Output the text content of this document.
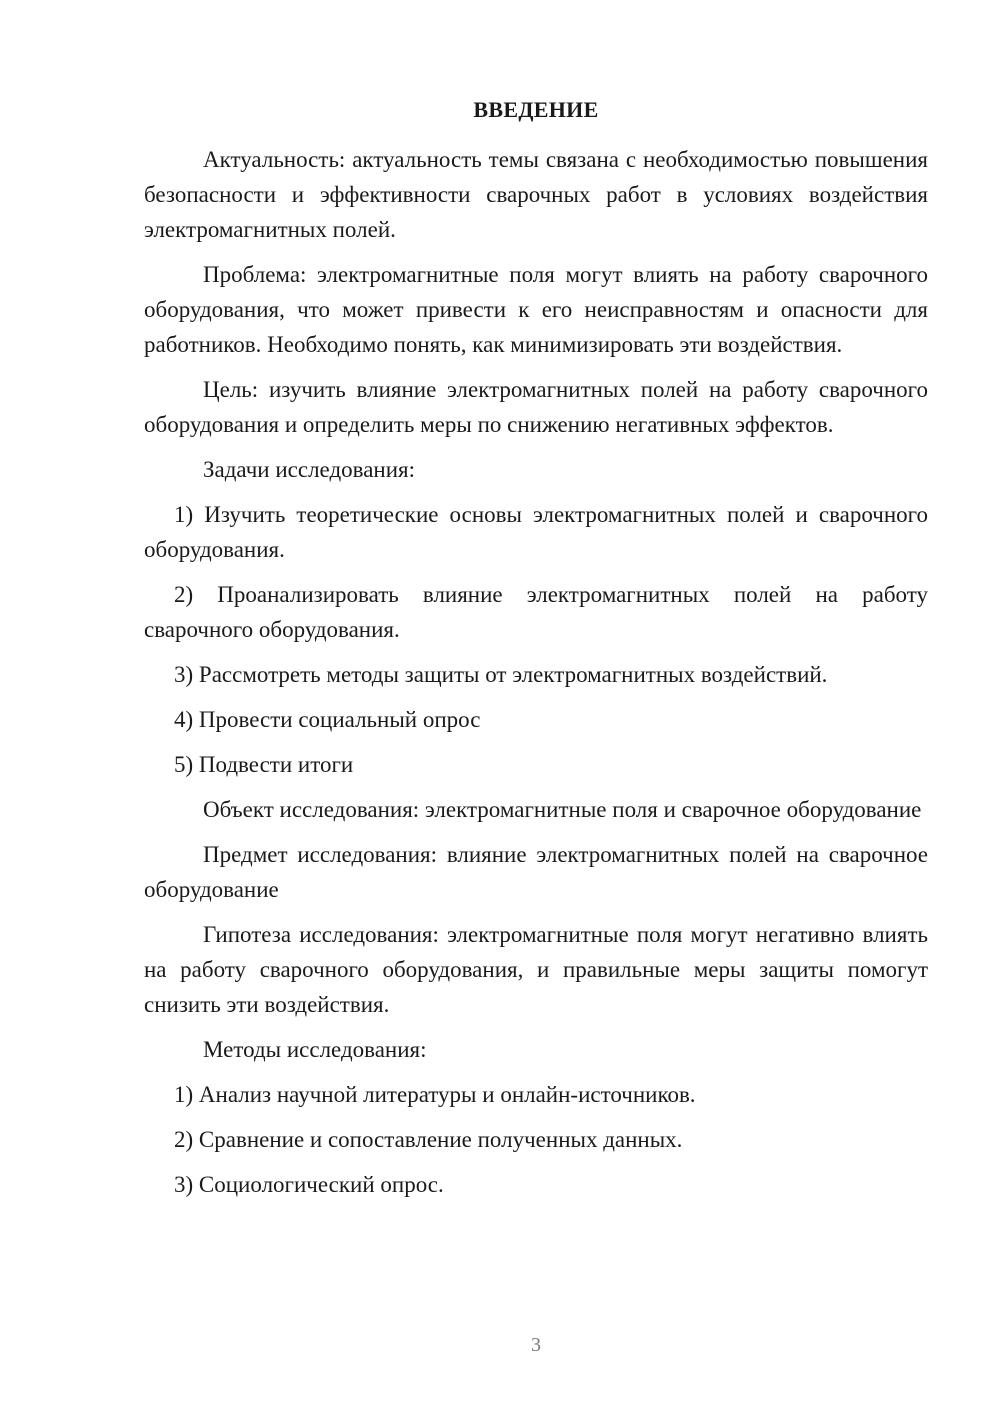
ВВЕДЕНИЕ

Актуальность: актуальность темы связана с необходимостью повышения безопасности и эффективности сварочных работ в условиях воздействия электромагнитных полей.

Проблема: электромагнитные поля могут влиять на работу сварочного оборудования, что может привести к его неисправностям и опасности для работников. Необходимо понять, как минимизировать эти воздействия.

Цель: изучить влияние электромагнитных полей на работу сварочного оборудования и определить меры по снижению негативных эффектов.

Задачи исследования:

1) Изучить теоретические основы электромагнитных полей и сварочного оборудования.

2) Проанализировать влияние электромагнитных полей на работу сварочного оборудования.

3) Рассмотреть методы защиты от электромагнитных воздействий.

4) Провести социальный опрос

5) Подвести итоги

Объект исследования: электромагнитные поля и сварочное оборудование

Предмет исследования: влияние электромагнитных полей на сварочное оборудование

Гипотеза исследования: электромагнитные поля могут негативно влиять на работу сварочного оборудования, и правильные меры защиты помогут снизить эти воздействия.

Методы исследования:

1) Анализ научной литературы и онлайн-источников.

2) Сравнение и сопоставление полученных данных.

3) Социологический опрос.

3
